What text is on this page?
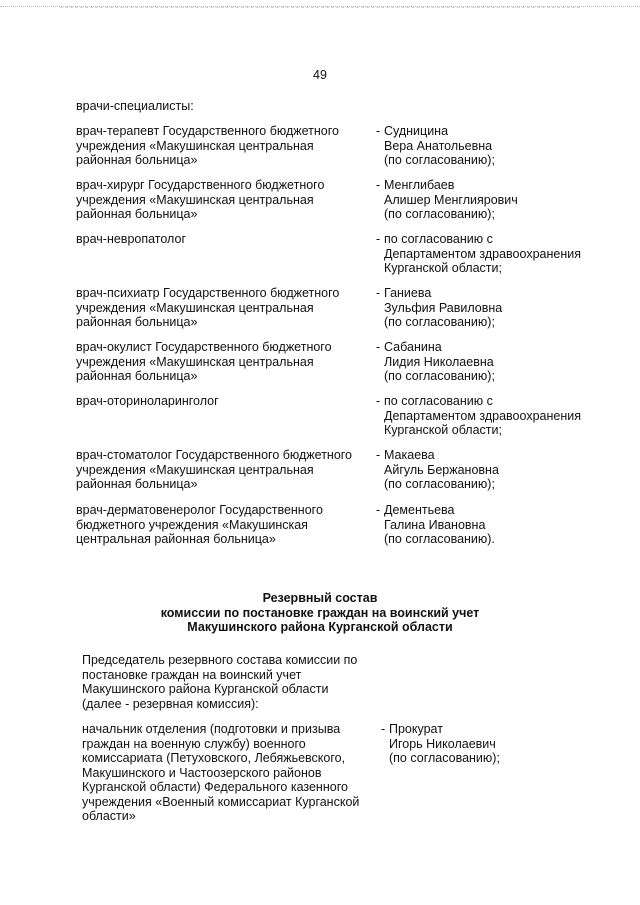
49
врачи-специалисты:
врач-терапевт Государственного бюджетного
учреждения «Макушинская центральная
районная больница»
- Судницина
Вера Анатольевна
(по согласованию);
врач-хирург Государственного бюджетного
учреждения «Макушинская центральная
районная больница»
- Менглибаев
Алишер Менглиярович
(по согласованию);
врач-невропатолог	- по согласованию с
Департаментом здравоохранения
Курганской области;
врач-психиатр Государственного бюджетного
учреждения «Макушинская центральная
районная больница»
- Ганиева
Зульфия Равиловна
(по согласованию);
врач-окулист Государственного бюджетного
учреждения «Макушинская центральная
районная больница»
- Сабанина
Лидия Николаевна
(по согласованию);
врач-оториноларинголог	- по согласованию с
Департаментом здравоохранения
Курганской области;
врач-стоматолог Государственного бюджетного
учреждения «Макушинская центральная
районная больница»
- Макаева
Айгуль Бержановна
(по согласованию);
врач-дерматовенеролог Государственного
бюджетного учреждения «Макушинская
центральная районная больница»
- Дементьева
Галина Ивановна
(по согласованию).
Резервный состав
комиссии по постановке граждан на воинский учет
Макушинского района Курганской области
Председатель резервного состава комиссии по
постановке граждан на воинский учет
Макушинского района Курганской области
(далее - резервная комиссия):
начальник отделения (подготовки и призыва
граждан на военную службу) военного
комиссариата (Петуховского, Лебяжьевского,
Макушинского и Частоозерского районов
Курганской области) Федерального казенного
учреждения «Военный комиссариат Курганской
области»
- Прокурат
Игорь Николаевич
(по согласованию);
